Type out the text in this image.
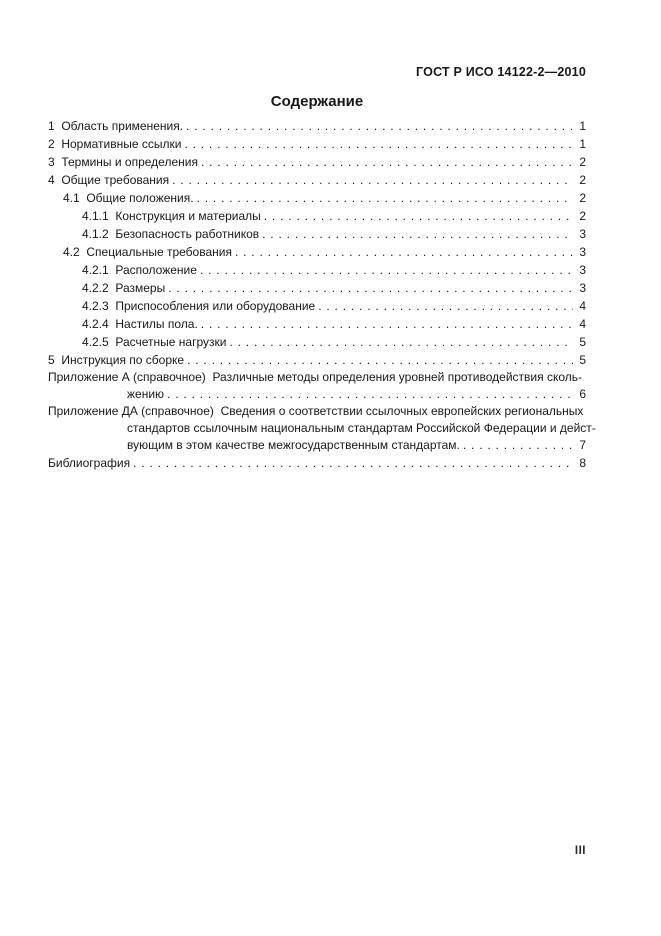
ГОСТ Р ИСО 14122-2—2010
Содержание
1  Область применения. . . .	1
2  Нормативные ссылки . . .	1
3  Термины и определения . . .	2
4  Общие требования . . .	2
4.1  Общие положения. . . .	2
4.1.1  Конструкция и материалы . . .	2
4.1.2  Безопасность работников . . .	3
4.2  Специальные требования . . .	3
4.2.1  Расположение . . .	3
4.2.2  Размеры . . .	3
4.2.3  Приспособления или оборудование . . .	4
4.2.4  Настилы пола. . . .	4
4.2.5  Расчетные нагрузки . . .	5
5  Инструкция по сборке . . .	5
Приложение А (справочное)  Различные методы определения уровней противодействия сколь-
жению . . .	6
Приложение ДА (справочное)  Сведения о соответствии ссылочных европейских региональных
стандартов ссылочным национальным стандартам Российской Федерации и дейст-
вующим в этом качестве межгосударственным стандартам. . . .	7
Библиография . . .	8
III
